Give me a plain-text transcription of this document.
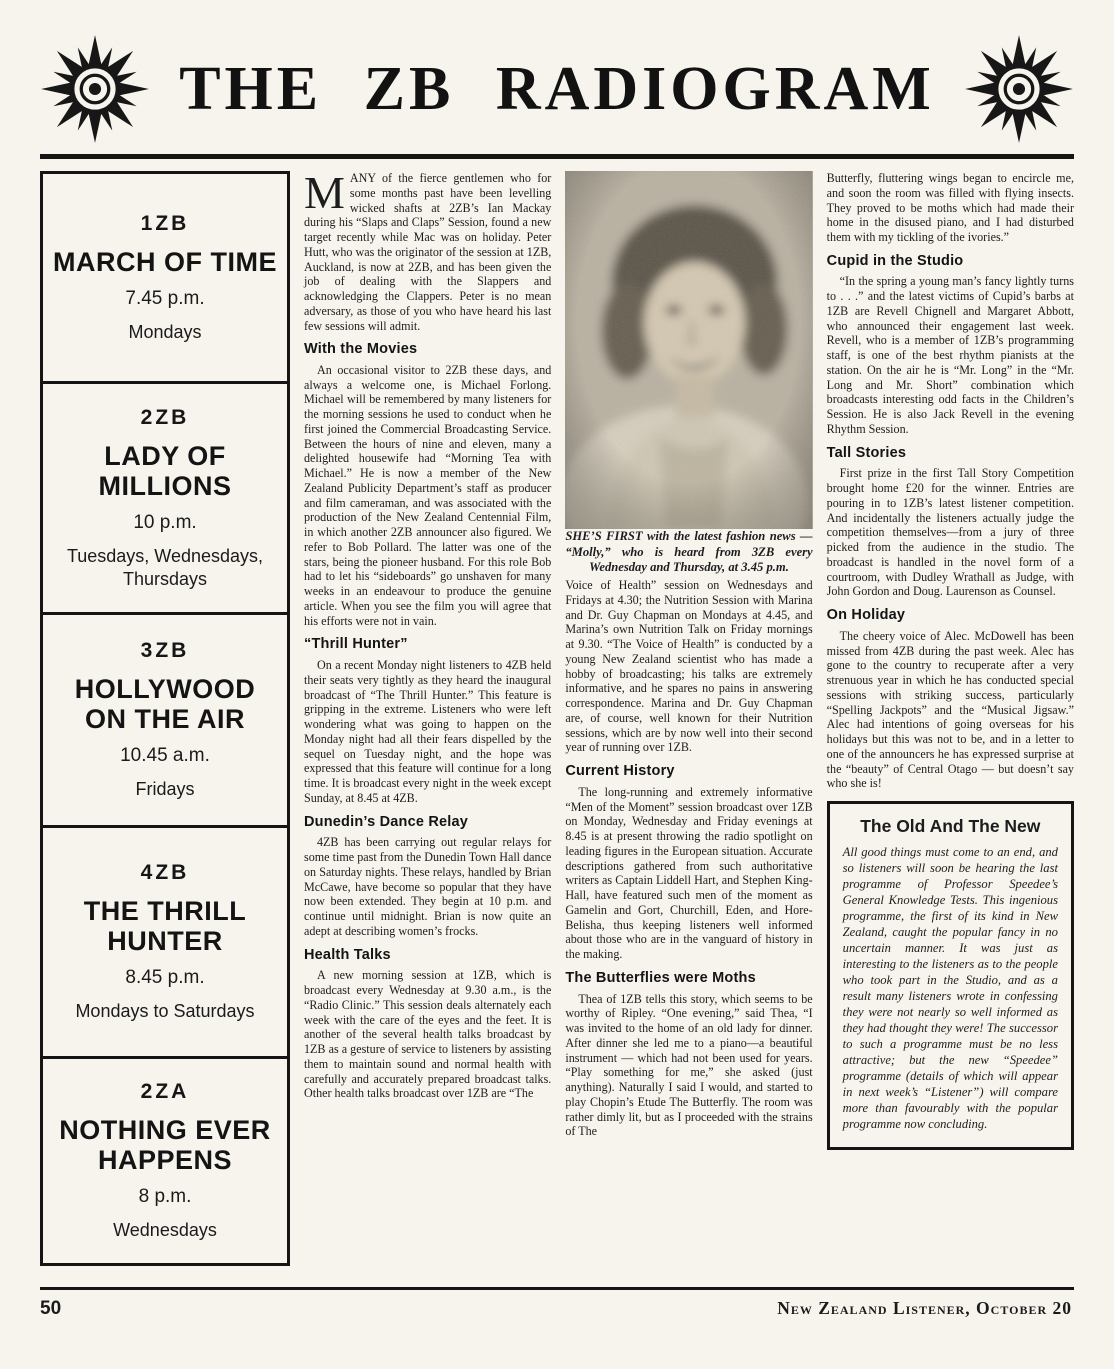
THE ZB RADIOGRAM
1ZB
MARCH OF TIME
7.45 p.m.
Mondays
2ZB
LADY OF MILLIONS
10 p.m.
Tuesdays, Wednesdays, Thursdays
3ZB
HOLLYWOOD ON THE AIR
10.45 a.m.
Fridays
4ZB
THE THRILL HUNTER
8.45 p.m.
Mondays to Saturdays
2ZA
NOTHING EVER HAPPENS
8 p.m.
Wednesdays

MANY of the fierce gentlemen who for some months past have been levelling wicked shafts at 2ZB’s Ian Mackay during his “Slaps and Claps” Session, found a new target recently while Mac was on holiday. Peter Hutt, who was the originator of the session at 1ZB, Auckland, is now at 2ZB, and has been given the job of dealing with the Slappers and acknowledging the Clappers. Peter is no mean adversary, as those of you who have heard his last few sessions will admit.

With the Movies

An occasional visitor to 2ZB these days, and always a welcome one, is Michael Forlong. Michael will be remembered by many listeners for the morning sessions he used to conduct when he first joined the Commercial Broadcasting Service. Between the hours of nine and eleven, many a delighted housewife had “Morning Tea with Michael.” He is now a member of the New Zealand Publicity Department’s staff as producer and film cameraman, and was associated with the production of the New Zealand Centennial Film, in which another 2ZB announcer also figured. We refer to Bob Pollard. The latter was one of the stars, being the pioneer husband. For this role Bob had to let his “sideboards” go unshaven for many weeks in an endeavour to produce the genuine article. When you see the film you will agree that his efforts were not in vain.

“Thrill Hunter”

On a recent Monday night listeners to 4ZB held their seats very tightly as they heard the inaugural broadcast of “The Thrill Hunter.” This feature is gripping in the extreme. Listeners who were left wondering what was going to happen on the Monday night had all their fears dispelled by the sequel on Tuesday night, and the hope was expressed that this feature will continue for a long time. It is broadcast every night in the week except Sunday, at 8.45 at 4ZB.

Dunedin’s Dance Relay

4ZB has been carrying out regular relays for some time past from the Dunedin Town Hall dance on Saturday nights. These relays, handled by Brian McCawe, have become so popular that they have now been extended. They begin at 10 p.m. and continue until midnight. Brian is now quite an adept at describing women’s frocks.

Health Talks

A new morning session at 1ZB, which is broadcast every Wednesday at 9.30 a.m., is the “Radio Clinic.” This session deals alternately each week with the care of the eyes and the feet. It is another of the several health talks broadcast by 1ZB as a gesture of service to listeners by assisting them to maintain sound and normal health with carefully and accurately prepared broadcast talks. Other health talks broadcast over 1ZB are “The

SHE’S FIRST with the latest fashion news — “Molly,” who is heard from 3ZB every Wednesday and Thursday, at 3.45 p.m.

Voice of Health” session on Wednesdays and Fridays at 4.30; the Nutrition Session with Marina and Dr. Guy Chapman on Mondays at 4.45, and Marina’s own Nutrition Talk on Friday mornings at 9.30. “The Voice of Health” is conducted by a young New Zealand scientist who has made a hobby of broadcasting; his talks are extremely informative, and he spares no pains in answering correspondence. Marina and Dr. Guy Chapman are, of course, well known for their Nutrition sessions, which are by now well into their second year of running over 1ZB.

Current History

The long-running and extremely informative “Men of the Moment” session broadcast over 1ZB on Monday, Wednesday and Friday evenings at 8.45 is at present throwing the radio spotlight on leading figures in the European situation. Accurate descriptions gathered from such authoritative writers as Captain Liddell Hart, and Stephen King-Hall, have featured such men of the moment as Gamelin and Gort, Churchill, Eden, and Hore-Belisha, thus keeping listeners well informed about those who are in the vanguard of history in the making.

The Butterflies were Moths

Thea of 1ZB tells this story, which seems to be worthy of Ripley. “One evening,” said Thea, “I was invited to the home of an old lady for dinner. After dinner she led me to a piano—a beautiful instrument — which had not been used for years. “Play something for me,” she asked (just anything). Naturally I said I would, and started to play Chopin’s Etude The Butterfly. The room was rather dimly lit, but as I proceeded with the strains of The

Butterfly, fluttering wings began to encircle me, and soon the room was filled with flying insects. They proved to be moths which had made their home in the disused piano, and I had disturbed them with my tickling of the ivories.”

Cupid in the Studio

“In the spring a young man’s fancy lightly turns to . . .” and the latest victims of Cupid’s barbs at 1ZB are Revell Chignell and Margaret Abbott, who announced their engagement last week. Revell, who is a member of 1ZB’s programming staff, is one of the best rhythm pianists at the station. On the air he is “Mr. Long” in the “Mr. Long and Mr. Short” combination which broadcasts interesting odd facts in the Children’s Session. He is also Jack Revell in the evening Rhythm Session.

Tall Stories

First prize in the first Tall Story Competition brought home £20 for the winner. Entries are pouring in to 1ZB’s latest listener competition. And incidentally the listeners actually judge the competition themselves—from a jury of three picked from the audience in the studio. The broadcast is handled in the novel form of a courtroom, with Dudley Wrathall as Judge, with John Gordon and Doug. Laurenson as Counsel.

On Holiday

The cheery voice of Alec. McDowell has been missed from 4ZB during the past week. Alec has gone to the country to recuperate after a very strenuous year in which he has conducted special sessions with striking success, particularly “Spelling Jackpots” and the “Musical Jigsaw.” Alec had intentions of going overseas for his holidays but this was not to be, and in a letter to one of the announcers he has expressed surprise at the “beauty” of Central Otago — but doesn’t say who she is!

The Old And The New

All good things must come to an end, and so listeners will soon be hearing the last programme of Professor Speedee’s General Knowledge Tests. This ingenious programme, the first of its kind in New Zealand, caught the popular fancy in no uncertain manner. It was just as interesting to the listeners as to the people who took part in the Studio, and as a result many listeners wrote in confessing they were not nearly so well informed as they had thought they were! The successor to such a programme must be no less attractive; but the new “Speedee” programme (details of which will appear in next week’s “Listener”) will compare more than favourably with the popular programme now concluding.

50	New Zealand Listener, October 20
